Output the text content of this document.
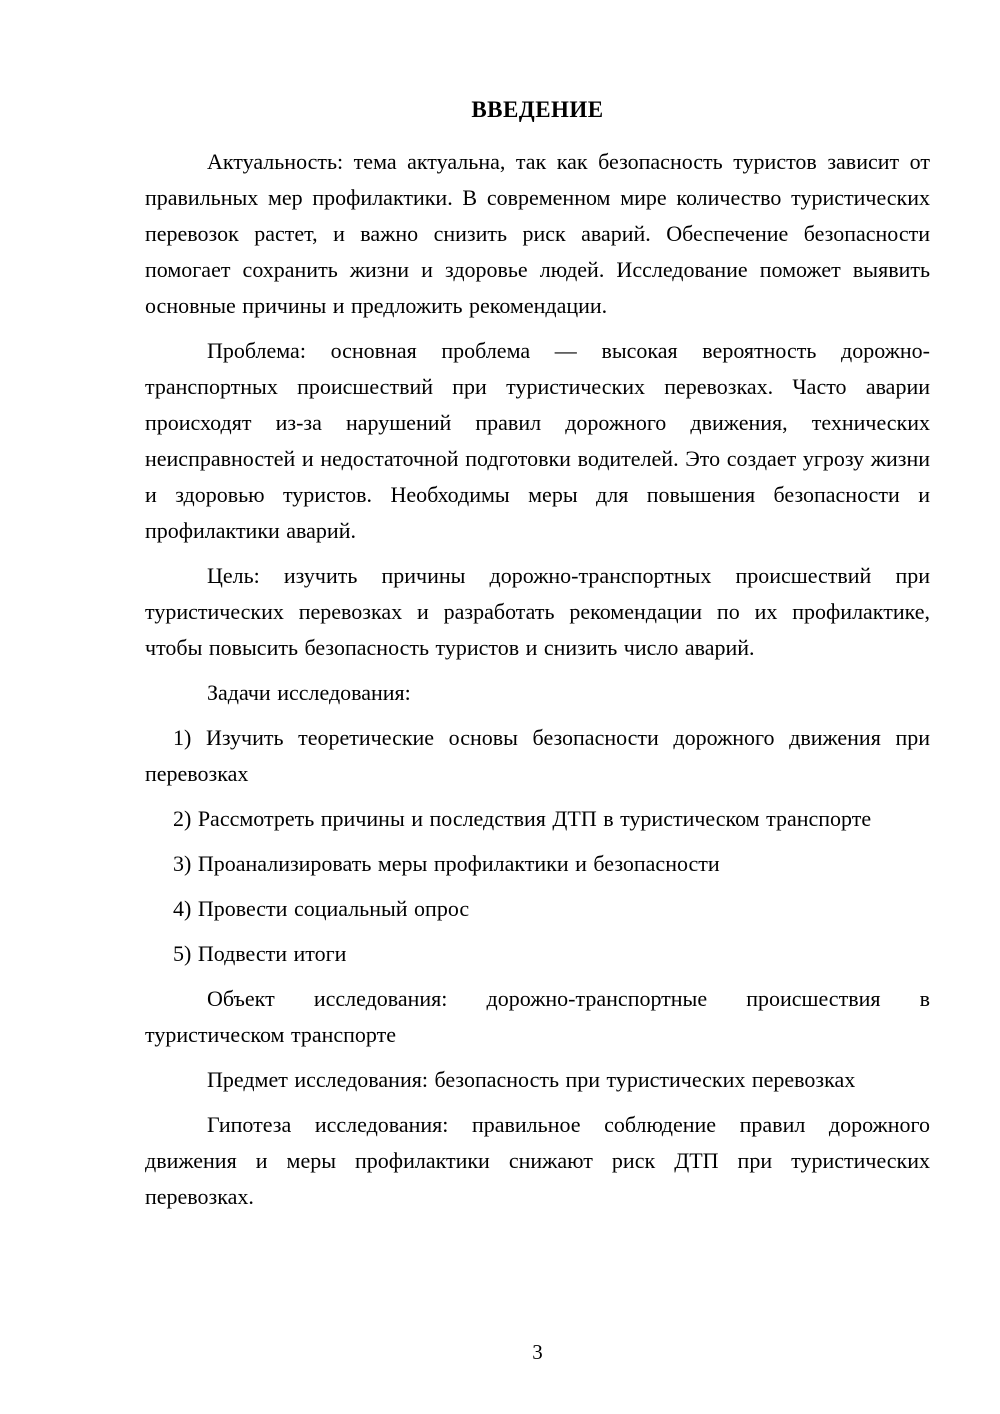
ВВЕДЕНИЕ

Актуальность: тема актуальна, так как безопасность туристов зависит от правильных мер профилактики. В современном мире количество туристических перевозок растет, и важно снизить риск аварий. Обеспечение безопасности помогает сохранить жизни и здоровье людей. Исследование поможет выявить основные причины и предложить рекомендации.

Проблема: основная проблема — высокая вероятность дорожно-транспортных происшествий при туристических перевозках. Часто аварии происходят из-за нарушений правил дорожного движения, технических неисправностей и недостаточной подготовки водителей. Это создает угрозу жизни и здоровью туристов. Необходимы меры для повышения безопасности и профилактики аварий.

Цель: изучить причины дорожно-транспортных происшествий при туристических перевозках и разработать рекомендации по их профилактике, чтобы повысить безопасность туристов и снизить число аварий.

Задачи исследования:

1) Изучить теоретические основы безопасности дорожного движения при перевозках

2) Рассмотреть причины и последствия ДТП в туристическом транспорте

3) Проанализировать меры профилактики и безопасности

4) Провести социальный опрос

5) Подвести итоги

Объект исследования: дорожно-транспортные происшествия в туристическом транспорте

Предмет исследования: безопасность при туристических перевозках

Гипотеза исследования: правильное соблюдение правил дорожного движения и меры профилактики снижают риск ДТП при туристических перевозках.

3
